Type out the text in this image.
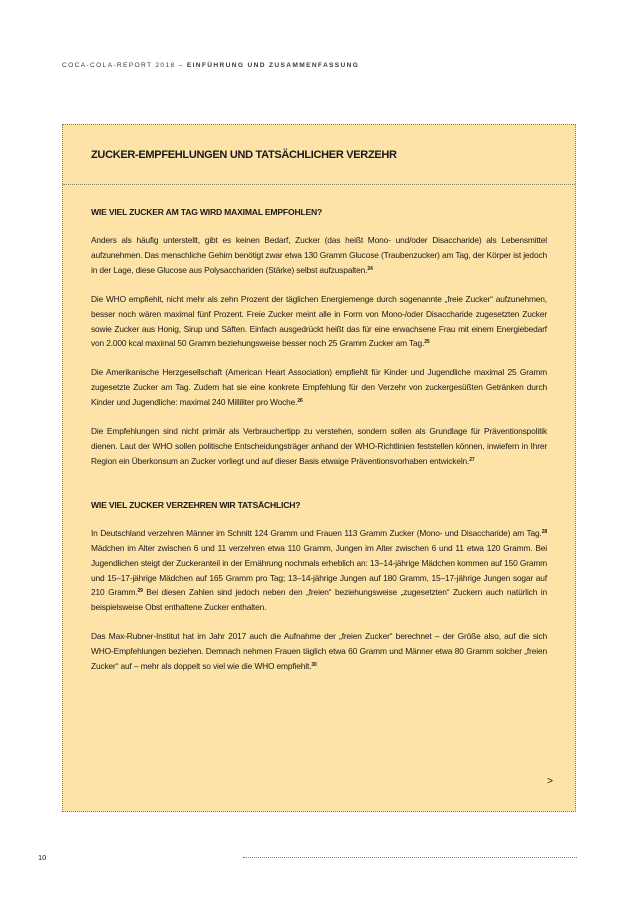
COCA-COLA-REPORT 2018 – EINFÜHRUNG UND ZUSAMMENFASSUNG
ZUCKER-EMPFEHLUNGEN UND TATSÄCHLICHER VERZEHR
WIE VIEL ZUCKER AM TAG WIRD MAXIMAL EMPFOHLEN?

Anders als häufig unterstellt, gibt es keinen Bedarf, Zucker (das heißt Mono- und/oder Disaccharide) als Lebensmittel aufzunehmen. Das menschliche Gehirn benötigt zwar etwa 130 Gramm Glucose (Traubenzucker) am Tag, der Körper ist jedoch in der Lage, diese Glucose aus Polysacchariden (Stärke) selbst aufzuspalten.$^{24}$

Die WHO empfiehlt, nicht mehr als zehn Prozent der täglichen Energiemenge durch sogenannte „freie Zucker“ aufzunehmen, besser noch wären maximal fünf Prozent. Freie Zucker meint alle in Form von Mono-/oder Disaccharide zugesetzten Zucker sowie Zucker aus Honig, Sirup und Säften. Einfach ausgedrückt heißt das für eine erwachsene Frau mit einem Energiebedarf von 2.000 kcal maximal 50 Gramm beziehungsweise besser noch 25 Gramm Zucker am Tag.$^{25}$

Die Amerikanische Herzgesellschaft (American Heart Association) empfiehlt für Kinder und Jugendliche maximal 25 Gramm zugesetzte Zucker am Tag. Zudem hat sie eine konkrete Empfehlung für den Verzehr von zuckergesüßten Getränken durch Kinder und Jugendliche: maximal 240 Milliliter pro Woche.$^{26}$

Die Empfehlungen sind nicht primär als Verbrauchertipp zu verstehen, sondern sollen als Grundlage für Präventionspolitik dienen. Laut der WHO sollen politische Entscheidungsträger anhand der WHO-Richtlinien feststellen können, inwiefern in Ihrer Region ein Überkonsum an Zucker vorliegt und auf dieser Basis etwaige Präventionsvorhaben entwickeln.$^{27}$

WIE VIEL ZUCKER VERZEHREN WIR TATSÄCHLICH?

In Deutschland verzehren Männer im Schnitt 124 Gramm und Frauen 113 Gramm Zucker (Mono- und Disaccharide) am Tag.$^{28}$ Mädchen im Alter zwischen 6 und 11 verzehren etwa 110 Gramm, Jungen im Alter zwischen 6 und 11 etwa 120 Gramm. Bei Jugendlichen steigt der Zuckeranteil in der Ernährung nochmals erheblich an: 13–14-jährige Mädchen kommen auf 150 Gramm und 15–17-jährige Mädchen auf 165 Gramm pro Tag; 13–14-jährige Jungen auf 180 Gramm, 15–17-jährige Jungen sogar auf 210 Gramm.$^{29}$ Bei diesen Zahlen sind jedoch neben den „freien“ beziehungsweise „zugesetzten“ Zuckern auch natürlich in beispielsweise Obst enthaltene Zucker enthalten.

Das Max-Rubner-Institut hat im Jahr 2017 auch die Aufnahme der „freien Zucker“ berechnet – der Größe also, auf die sich WHO-Empfehlungen beziehen. Demnach nehmen Frauen täglich etwa 60 Gramm und Männer etwa 80 Gramm solcher „freien Zucker“ auf – mehr als doppelt so viel wie die WHO empfiehlt.$^{30}$

>
10
